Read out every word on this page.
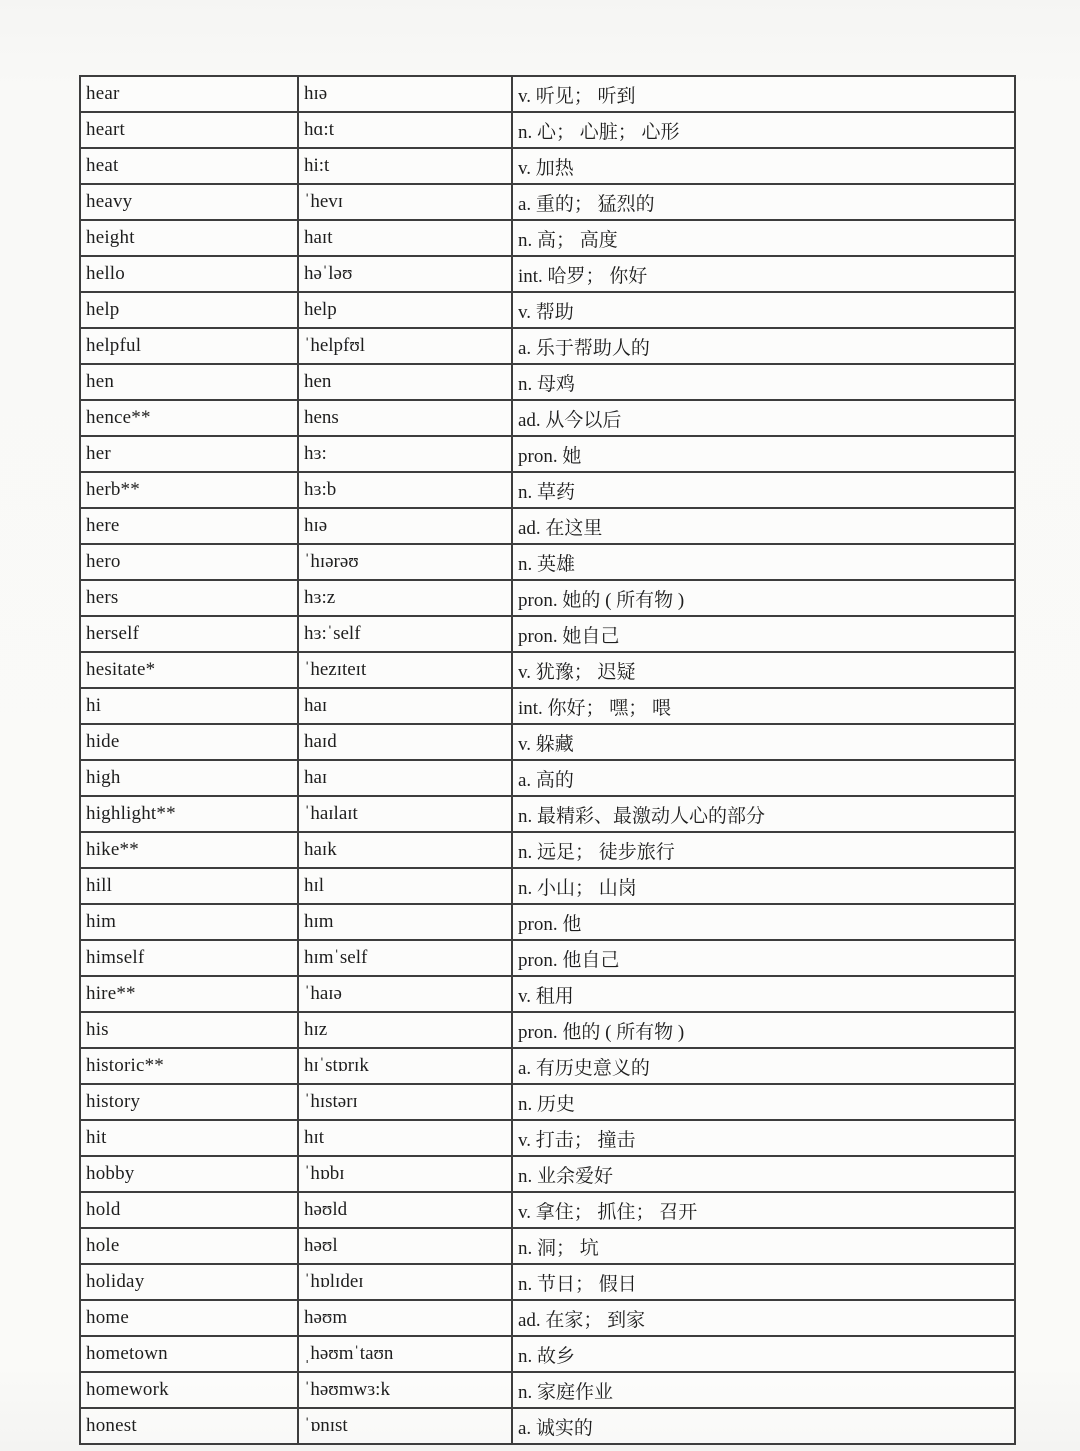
hear	hɪə	v. 听见； 听到
heart	hɑ:t	n. 心； 心脏； 心形
heat	hi:t	v. 加热
heavy	ˈhevɪ	a. 重的； 猛烈的
height	haɪt	n. 高； 高度
hello	həˈləʊ	int. 哈罗； 你好
help	help	v. 帮助
helpful	ˈhelpfʊl	a. 乐于帮助人的
hen	hen	n. 母鸡
hence**	hens	ad. 从今以后
her	hɜ:	pron. 她
herb**	hɜ:b	n. 草药
here	hɪə	ad. 在这里
hero	ˈhɪərəʊ	n. 英雄
hers	hɜ:z	pron. 她的 ( 所有物 )
herself	hɜ:ˈself	pron. 她自己
hesitate*	ˈhezɪteɪt	v. 犹豫； 迟疑
hi	haɪ	int. 你好； 嘿； 喂
hide	haɪd	v. 躲藏
high	haɪ	a. 高的
highlight**	ˈhaɪlaɪt	n. 最精彩、最激动人心的部分
hike**	haɪk	n. 远足； 徒步旅行
hill	hɪl	n. 小山； 山岗
him	hɪm	pron. 他
himself	hɪmˈself	pron. 他自己
hire**	ˈhaɪə	v. 租用
his	hɪz	pron. 他的 ( 所有物 )
historic**	hɪˈstɒrɪk	a. 有历史意义的
history	ˈhɪstərɪ	n. 历史
hit	hɪt	v. 打击； 撞击
hobby	ˈhɒbɪ	n. 业余爱好
hold	həʊld	v. 拿住； 抓住； 召开
hole	həʊl	n. 洞； 坑
holiday	ˈhɒlɪdeɪ	n. 节日； 假日
home	həʊm	ad. 在家； 到家
hometown	ˌhəʊmˈtaʊn	n. 故乡
homework	ˈhəʊmwɜ:k	n. 家庭作业
honest	ˈɒnɪst	a. 诚实的
